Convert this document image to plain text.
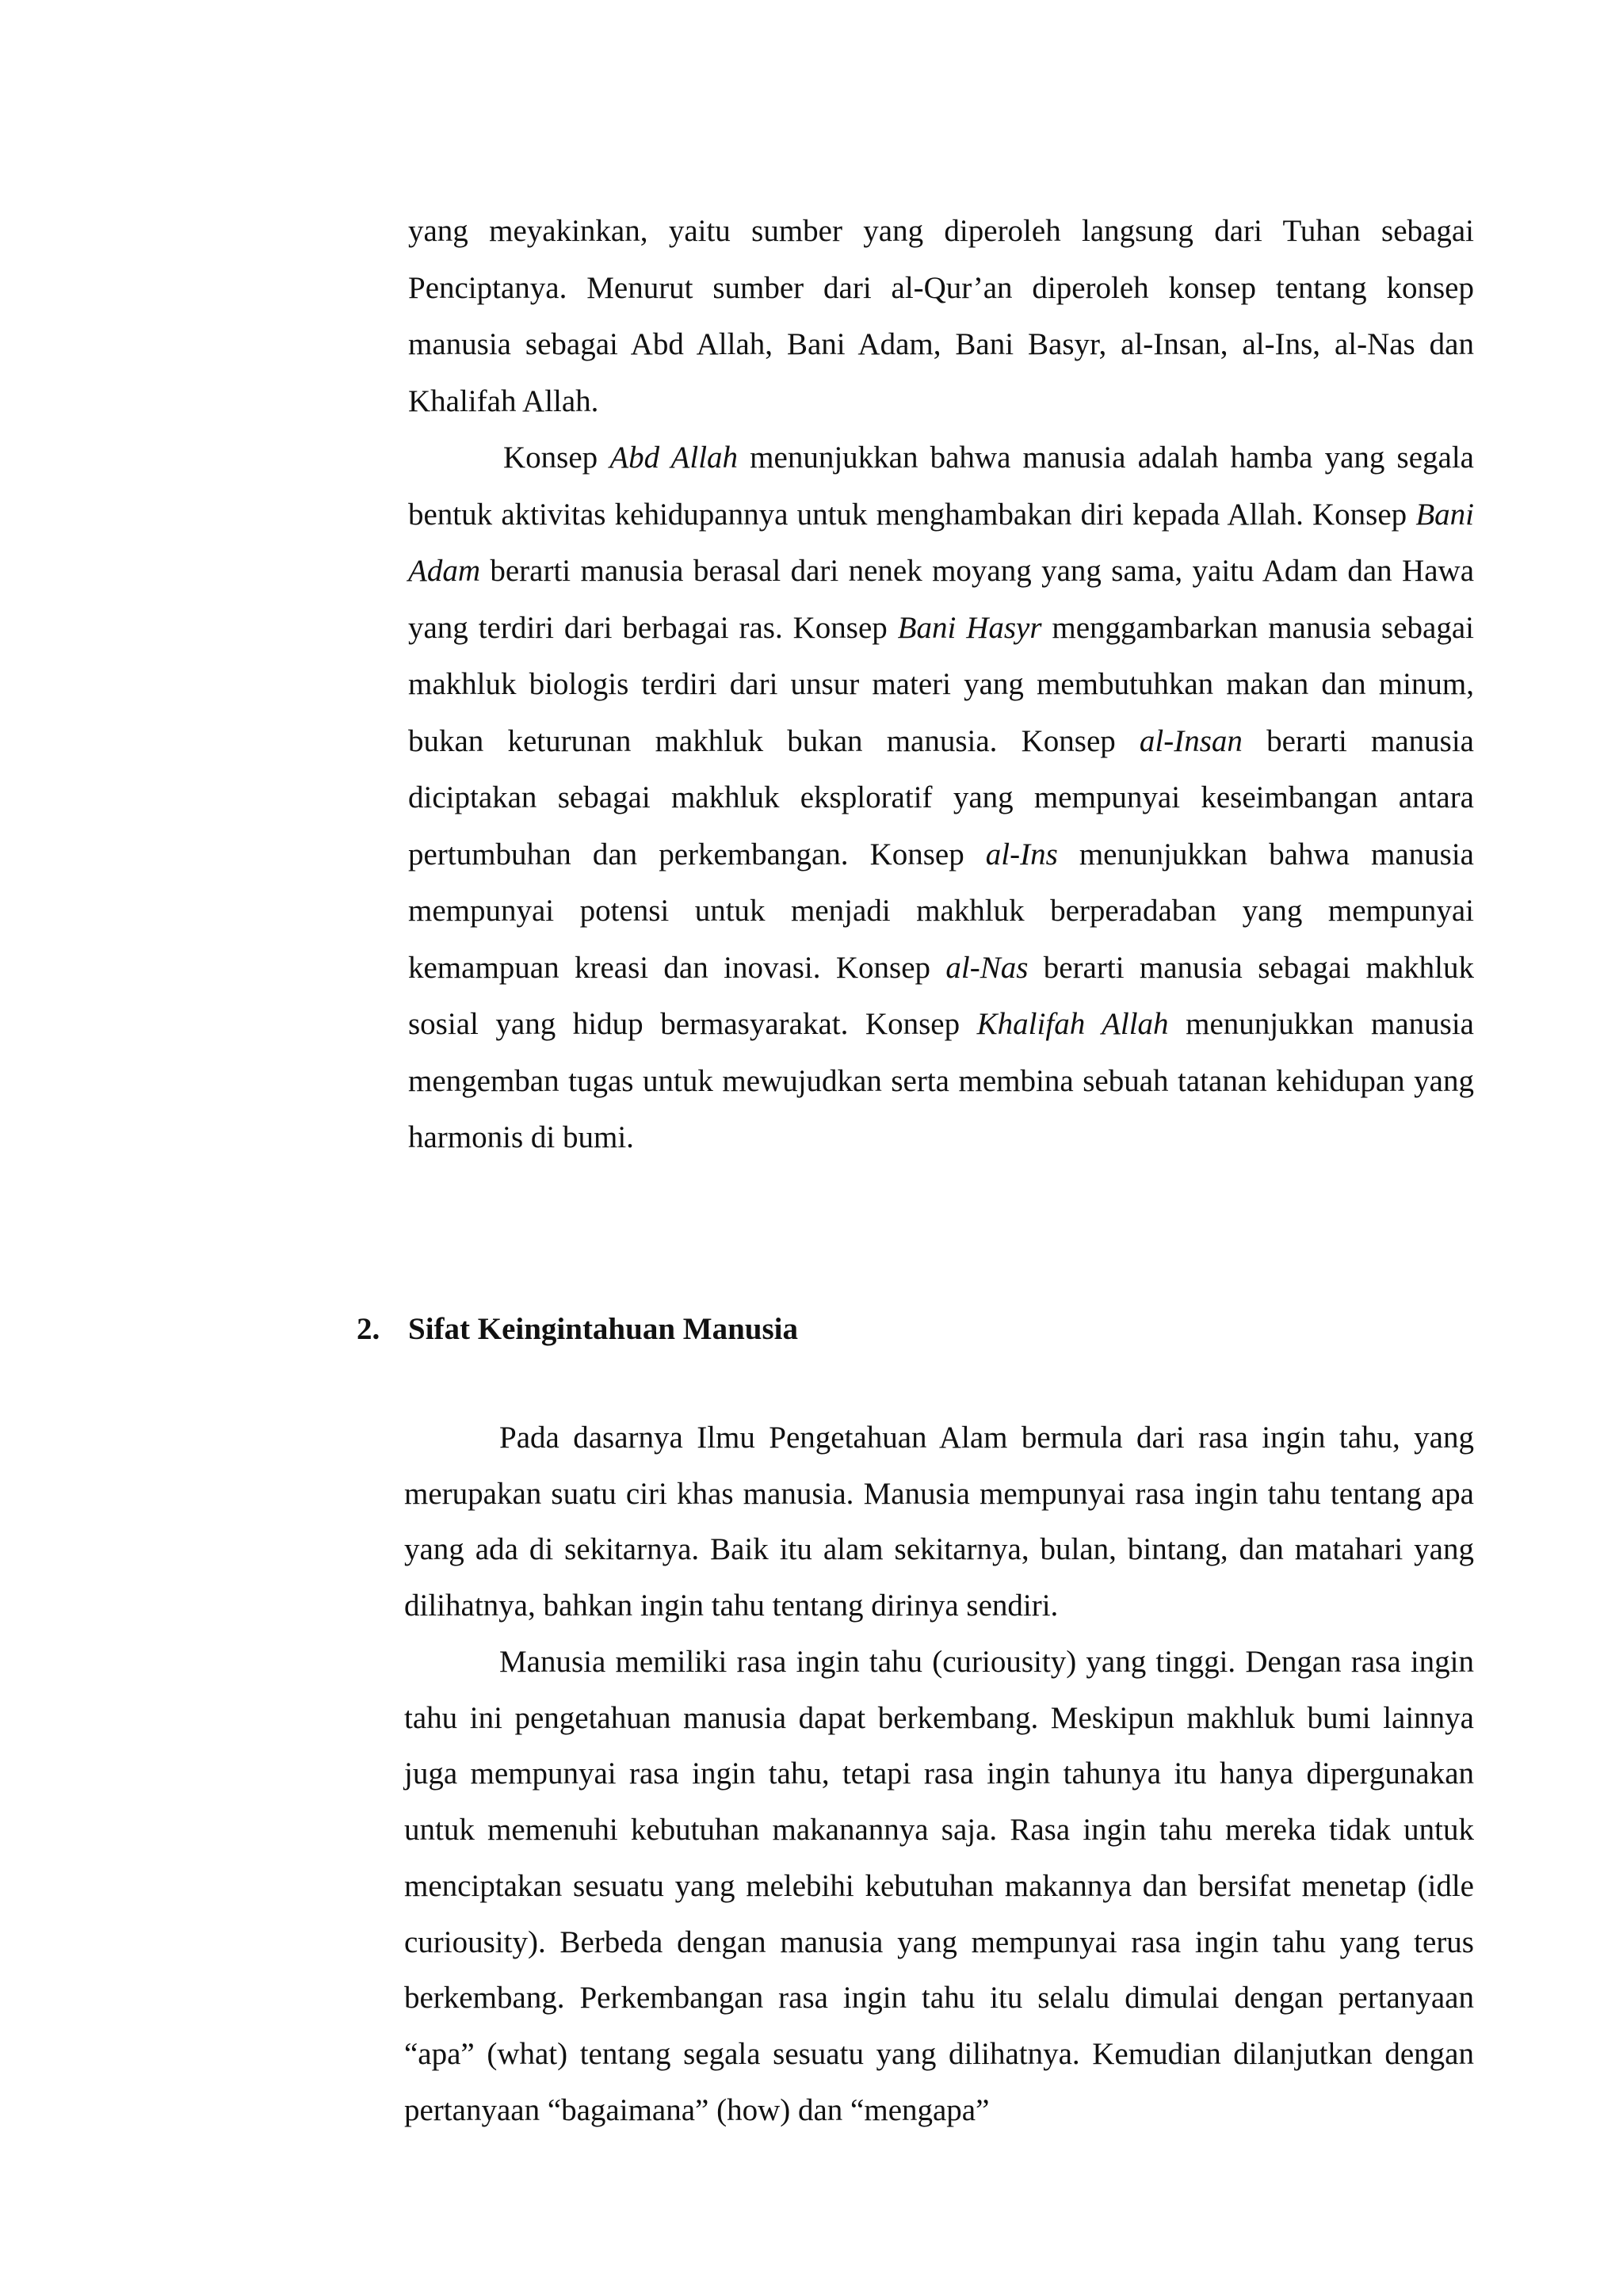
yang meyakinkan, yaitu sumber yang diperoleh langsung dari Tuhan sebagai Penciptanya. Menurut sumber dari al-Qur’an diperoleh konsep tentang konsep manusia sebagai Abd Allah, Bani Adam, Bani Basyr, al-Insan, al-Ins, al-Nas dan Khalifah Allah.

Konsep Abd Allah menunjukkan bahwa manusia adalah hamba yang segala bentuk aktivitas kehidupannya untuk menghambakan diri kepada Allah. Konsep Bani Adam berarti manusia berasal dari nenek moyang yang sama, yaitu Adam dan Hawa yang terdiri dari berbagai ras. Konsep Bani Hasyr menggambarkan manusia sebagai makhluk biologis terdiri dari unsur materi yang membutuhkan makan dan minum, bukan keturunan makhluk bukan manusia. Konsep al-Insan berarti manusia diciptakan sebagai makhluk eksploratif yang mempunyai keseimbangan antara pertumbuhan dan perkembangan. Konsep al-Ins menunjukkan bahwa manusia mempunyai potensi untuk menjadi makhluk berperadaban yang mempunyai kemampuan kreasi dan inovasi. Konsep al-Nas berarti manusia sebagai makhluk sosial yang hidup bermasyarakat. Konsep Khalifah Allah menunjukkan manusia mengemban tugas untuk mewujudkan serta membina sebuah tatanan kehidupan yang harmonis di bumi.

2. Sifat Keingintahuan Manusia

Pada dasarnya Ilmu Pengetahuan Alam bermula dari rasa ingin tahu, yang merupakan suatu ciri khas manusia. Manusia mempunyai rasa ingin tahu tentang apa yang ada di sekitarnya. Baik itu alam sekitarnya, bulan, bintang, dan matahari yang dilihatnya, bahkan ingin tahu tentang dirinya sendiri.

Manusia memiliki rasa ingin tahu (curiousity) yang tinggi. Dengan rasa ingin tahu ini pengetahuan manusia dapat berkembang. Meskipun makhluk bumi lainnya juga mempunyai rasa ingin tahu, tetapi rasa ingin tahunya itu hanya dipergunakan untuk memenuhi kebutuhan makanannya saja. Rasa ingin tahu mereka tidak untuk menciptakan sesuatu yang melebihi kebutuhan makannya dan bersifat menetap (idle curiousity). Berbeda dengan manusia yang mempunyai rasa ingin tahu yang terus berkembang. Perkembangan rasa ingin tahu itu selalu dimulai dengan pertanyaan “apa” (what) tentang segala sesuatu yang dilihatnya. Kemudian dilanjutkan dengan pertanyaan “bagaimana” (how) dan “mengapa”
